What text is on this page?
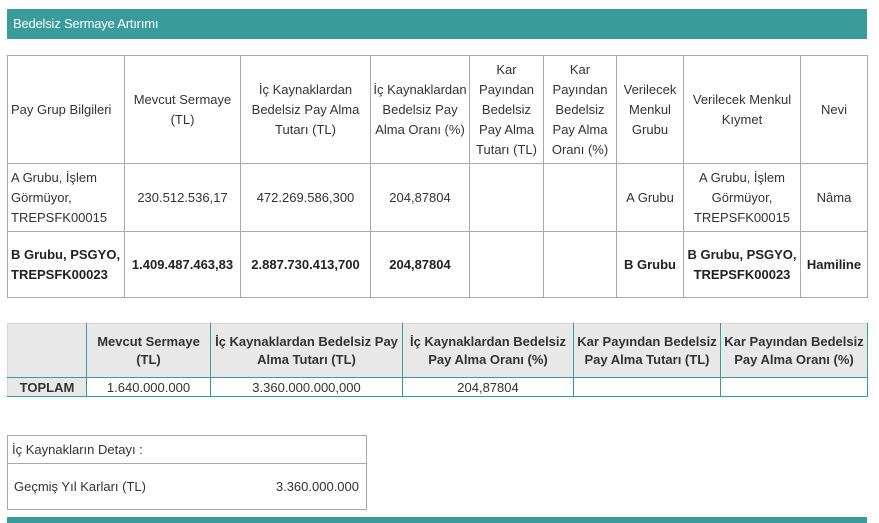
Bedelsiz Sermaye Artırımı
Pay Grup Bilgileri	Mevcut Sermaye (TL)	İç Kaynaklardan Bedelsiz Pay Alma Tutarı (TL)	İç Kaynaklardan Bedelsiz Pay Alma Oranı (%)	Kar Payından Bedelsiz Pay Alma Tutarı (TL)	Kar Payından Bedelsiz Pay Alma Oranı (%)	Verilecek Menkul Grubu	Verilecek Menkul Kıymet	Nevi
A Grubu, İşlem Görmüyor, TREPSFK00015	230.512.536,17	472.269.586,300	204,87804			A Grubu	A Grubu, İşlem Görmüyor, TREPSFK00015	Nâma
B Grubu, PSGYO, TREPSFK00023	1.409.487.463,83	2.887.730.413,700	204,87804			B Grubu	B Grubu, PSGYO, TREPSFK00023	Hamiline
	Mevcut Sermaye (TL)	İç Kaynaklardan Bedelsiz Pay Alma Tutarı (TL)	İç Kaynaklardan Bedelsiz Pay Alma Oranı (%)	Kar Payından Bedelsiz Pay Alma Tutarı (TL)	Kar Payından Bedelsiz Pay Alma Oranı (%)
TOPLAM	1.640.000.000	3.360.000.000,000	204,87804		
İç Kaynakların Detayı :
Geçmiş Yıl Karları (TL)	3.360.000.000
